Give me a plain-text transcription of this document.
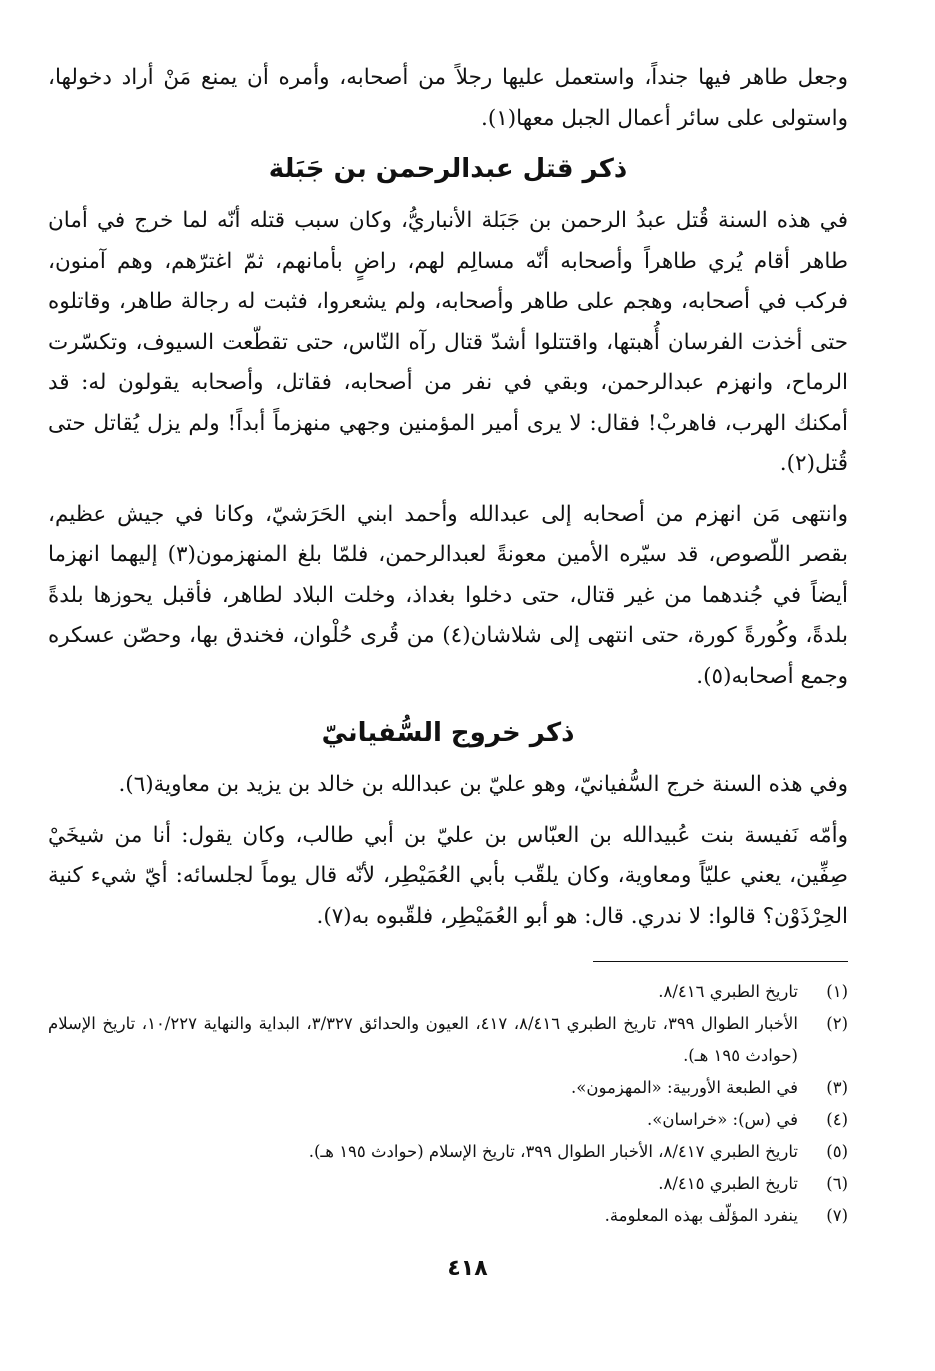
وجعل طاهر فيها جنداً، واستعمل عليها رجلاً من أصحابه، وأمره أن يمنع مَنْ أراد دخولها، واستولى على سائر أعمال الجبل معها(١).

ذكر قتل عبدالرحمن بن جَبَلة

في هذه السنة قُتل عبدُ الرحمن بن جَبَلة الأنباريُّ، وكان سبب قتله أنّه لما خرج في أمان طاهر أقام يُري طاهراً وأصحابه أنّه مسالِم لهم، راضٍ بأمانهم، ثمّ اغترّهم، وهم آمنون، فركب في أصحابه، وهجم على طاهر وأصحابه، ولم يشعروا، فثبت له رجالة طاهر، وقاتلوه حتى أخذت الفرسان أُهبتها، واقتتلوا أشدّ قتال رآه النّاس، حتى تقطّعت السيوف، وتكسّرت الرماح، وانهزم عبدالرحمن، وبقي في نفر من أصحابه، فقاتل، وأصحابه يقولون له: قد أمكنك الهرب، فاهربْ! فقال: لا يرى أمير المؤمنين وجهي منهزماً أبداً! ولم يزل يُقاتل حتى قُتل(٢).

وانتهى مَن انهزم من أصحابه إلى عبدالله وأحمد ابني الحَرَشيّ، وكانا في جيش عظيم، بقصر اللّصوص، قد سيّره الأمين معونةً لعبدالرحمن، فلمّا بلغ المنهزمون(٣) إليهما انهزما أيضاً في جُندهما من غير قتال، حتى دخلوا بغداذ، وخلت البلاد لطاهر، فأقبل يحوزها بلدةً بلدةً، وكُورةً كورة، حتى انتهى إلى شلاشان(٤) من قُرى حُلْوان، فخندق بها، وحصّن عسكره وجمع أصحابه(٥).

ذكر خروج السُّفيانيّ

وفي هذه السنة خرج السُّفيانيّ، وهو عليّ بن عبدالله بن خالد بن يزيد بن معاوية(٦).

وأمّه نَفيسة بنت عُبيدالله بن العبّاس بن عليّ بن أبي طالب، وكان يقول: أنا من شيخَيْ صِفِّين، يعني عليّاً ومعاوية، وكان يلقّب بأبي العُمَيْطِر، لأنّه قال يوماً لجلسائه: أيّ شيء كنية الحِرْذَوْن؟ قالوا: لا ندري. قال: هو أبو العُمَيْطِر، فلقّبوه به(٧).

(١)
تاريخ الطبري ٨/٤١٦.
(٢)
الأخبار الطوال ٣٩٩، تاريخ الطبري ٨/٤١٦، ٤١٧، العيون والحدائق ٣/٣٢٧، البداية والنهاية ١٠/٢٢٧، تاريخ الإسلام (حوادث ١٩٥ هـ).
(٣)
في الطبعة الأوربية: «المهزمون».
(٤)
في (س): «خراسان».
(٥)
تاريخ الطبري ٨/٤١٧، الأخبار الطوال ٣٩٩، تاريخ الإسلام (حوادث ١٩٥ هـ).
(٦)
تاريخ الطبري ٨/٤١٥.
(٧)
ينفرد المؤلّف بهذه المعلومة.
٤١٨
